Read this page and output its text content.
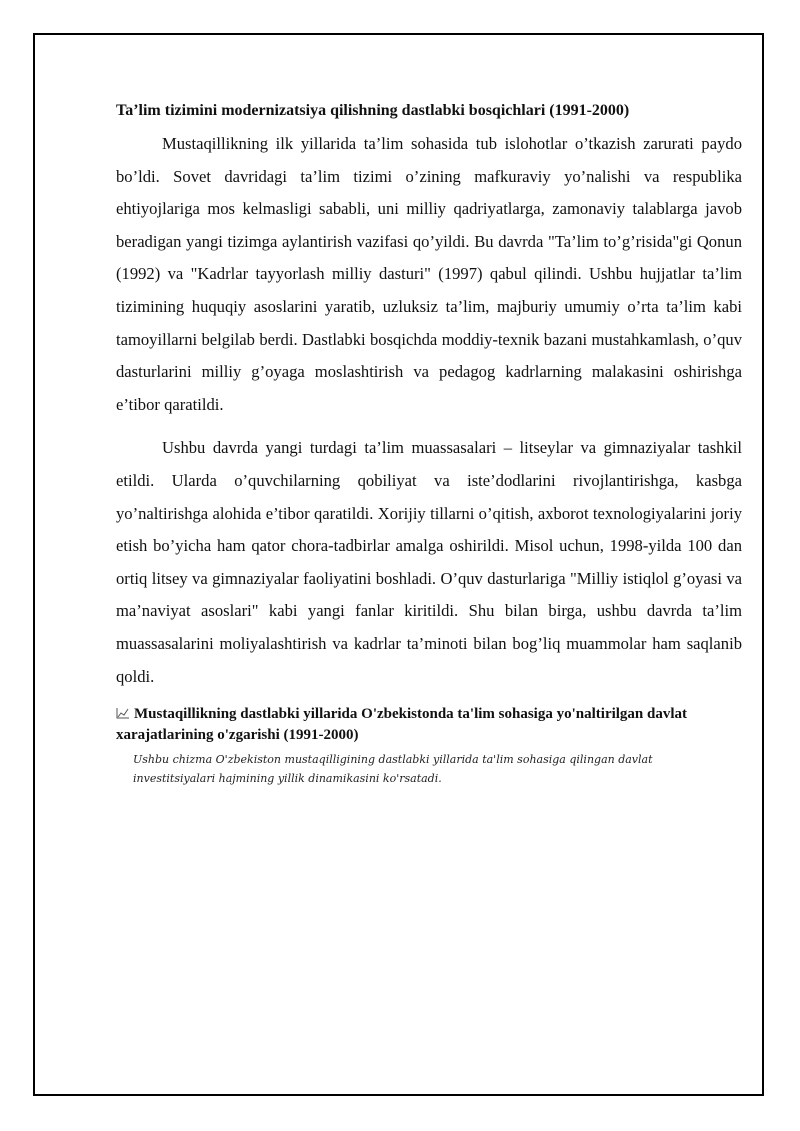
Ta’lim tizimini modernizatsiya qilishning dastlabki bosqichlari (1991-2000)

Mustaqillikning ilk yillarida ta’lim sohasida tub islohotlar o’tkazish zarurati paydo bo’ldi. Sovet davridagi ta’lim tizimi o’zining mafkuraviy yo’nalishi va respublika ehtiyojlariga mos kelmasligi sababli, uni milliy qadriyatlarga, zamonaviy talablarga javob beradigan yangi tizimga aylantirish vazifasi qo’yildi. Bu davrda "Ta’lim to’g’risida"gi Qonun (1992) va "Kadrlar tayyorlash milliy dasturi" (1997) qabul qilindi. Ushbu hujjatlar ta’lim tizimining huquqiy asoslarini yaratib, uzluksiz ta’lim, majburiy umumiy o’rta ta’lim kabi tamoyillarni belgilab berdi. Dastlabki bosqichda moddiy-texnik bazani mustahkamlash, o’quv dasturlarini milliy g’oyaga moslashtirish va pedagog kadrlarning malakasini oshirishga e’tibor qaratildi.

Ushbu davrda yangi turdagi ta’lim muassasalari – litseylar va gimnaziyalar tashkil etildi. Ularda o’quvchilarning qobiliyat va iste’dodlarini rivojlantirishga, kasbga yo’naltirishga alohida e’tibor qaratildi. Xorijiy tillarni o’qitish, axborot texnologiyalarini joriy etish bo’yicha ham qator chora-tadbirlar amalga oshirildi. Misol uchun, 1998-yilda 100 dan ortiq litsey va gimnaziyalar faoliyatini boshladi. O’quv dasturlariga "Milliy istiqlol g’oyasi va ma’naviyat asoslari" kabi yangi fanlar kiritildi. Shu bilan birga, ushbu davrda ta’lim muassasalarini moliyalashtirish va kadrlar ta’minoti bilan bog’liq muammolar ham saqlanib qoldi.

Mustaqillikning dastlabki yillarida O'zbekistonda ta'lim sohasiga yo'naltirilgan davlat xarajatlarining o'zgarishi (1991-2000)
Ushbu chizma O'zbekiston mustaqilligining dastlabki yillarida ta'lim sohasiga qilingan davlat investitsiyalari hajmining yillik dinamikasini ko'rsatadi.
